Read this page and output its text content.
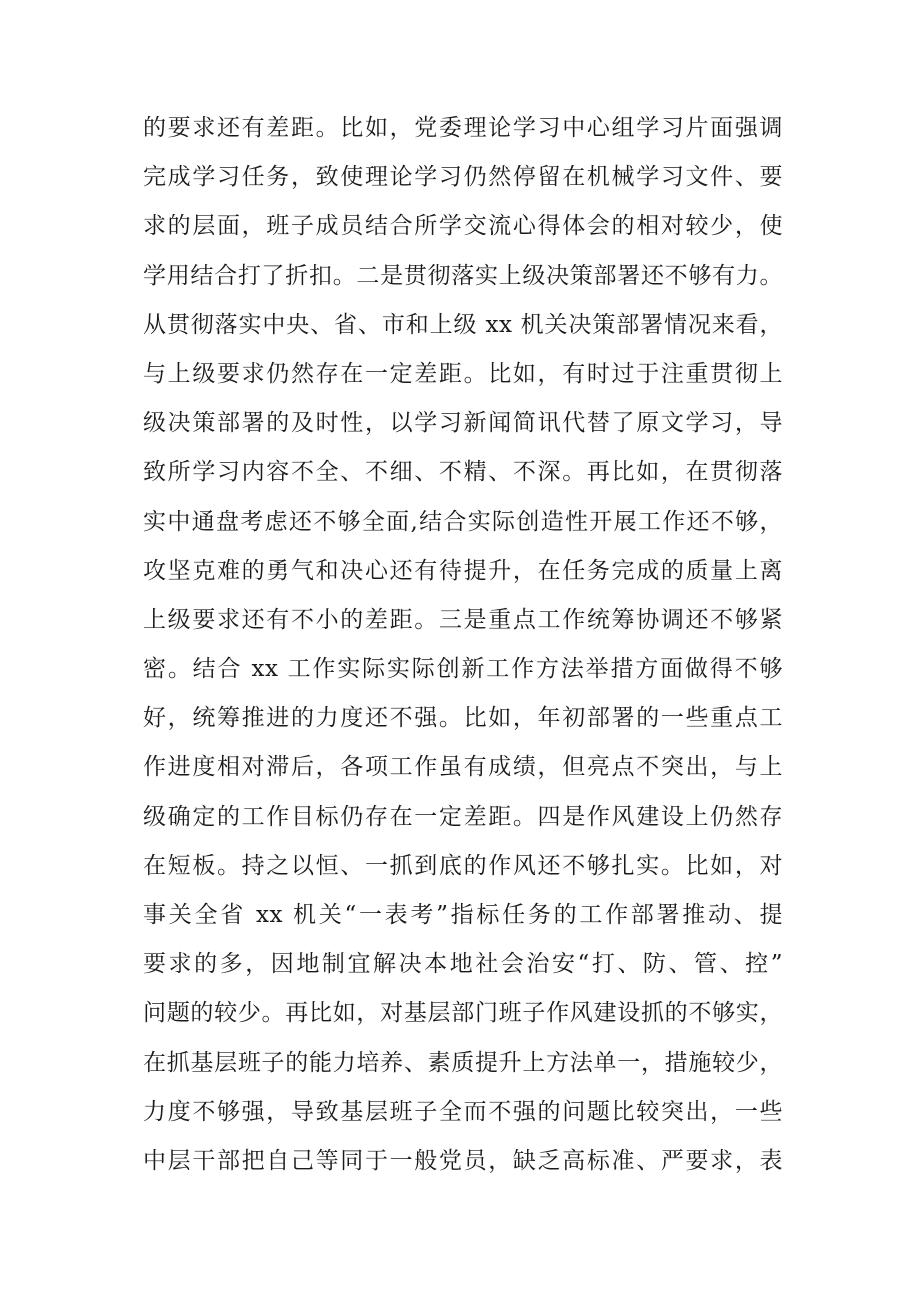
的要求还有差距。比如，党委理论学习中心组学习片面强调
完成学习任务，致使理论学习仍然停留在机械学习文件、要
求的层面，班子成员结合所学交流心得体会的相对较少，使
学用结合打了折扣。二是贯彻落实上级决策部署还不够有力。
从贯彻落实中央、省、市和上级 xx 机关决策部署情况来看，
与上级要求仍然存在一定差距。比如，有时过于注重贯彻上
级决策部署的及时性，以学习新闻简讯代替了原文学习，导
致所学习内容不全、不细、不精、不深。再比如，在贯彻落
实中通盘考虑还不够全面,结合实际创造性开展工作还不够，
攻坚克难的勇气和决心还有待提升，在任务完成的质量上离
上级要求还有不小的差距。三是重点工作统筹协调还不够紧
密。结合 xx 工作实际实际创新工作方法举措方面做得不够
好，统筹推进的力度还不强。比如，年初部署的一些重点工
作进度相对滞后，各项工作虽有成绩，但亮点不突出，与上
级确定的工作目标仍存在一定差距。四是作风建设上仍然存
在短板。持之以恒、一抓到底的作风还不够扎实。比如，对
事关全省 xx 机关“一表考”指标任务的工作部署推动、提
要求的多，因地制宜解决本地社会治安“打、防、管、控”
问题的较少。再比如，对基层部门班子作风建设抓的不够实，
在抓基层班子的能力培养、素质提升上方法单一，措施较少，
力度不够强，导致基层班子全而不强的问题比较突出，一些
中层干部把自己等同于一般党员，缺乏高标准、严要求，表
